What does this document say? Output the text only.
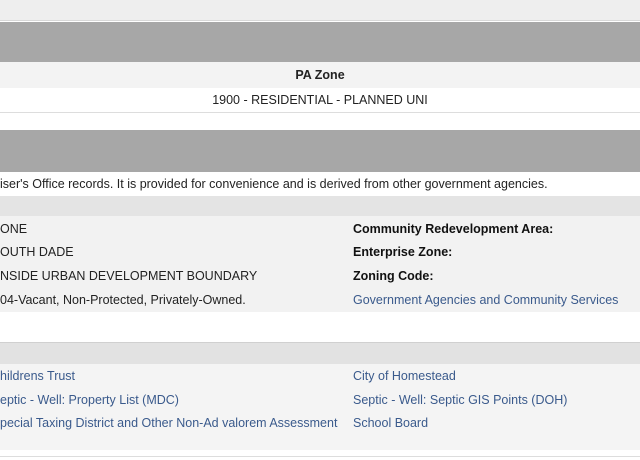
PA Zone
1900 - RESIDENTIAL - PLANNED UNI
iser's Office records. It is provided for convenience and is derived from other government agencies.
ONE
OUTH DADE
NSIDE URBAN DEVELOPMENT BOUNDARY
04-Vacant, Non-Protected, Privately-Owned.
Community Redevelopment Area:
Enterprise Zone:
Zoning Code:
Government Agencies and Community Services
hildrens Trust
eptic - Well: Property List (MDC)
pecial Taxing District and Other Non-Ad valorem Assessment
City of Homestead
Septic - Well: Septic GIS Points (DOH)
School Board
